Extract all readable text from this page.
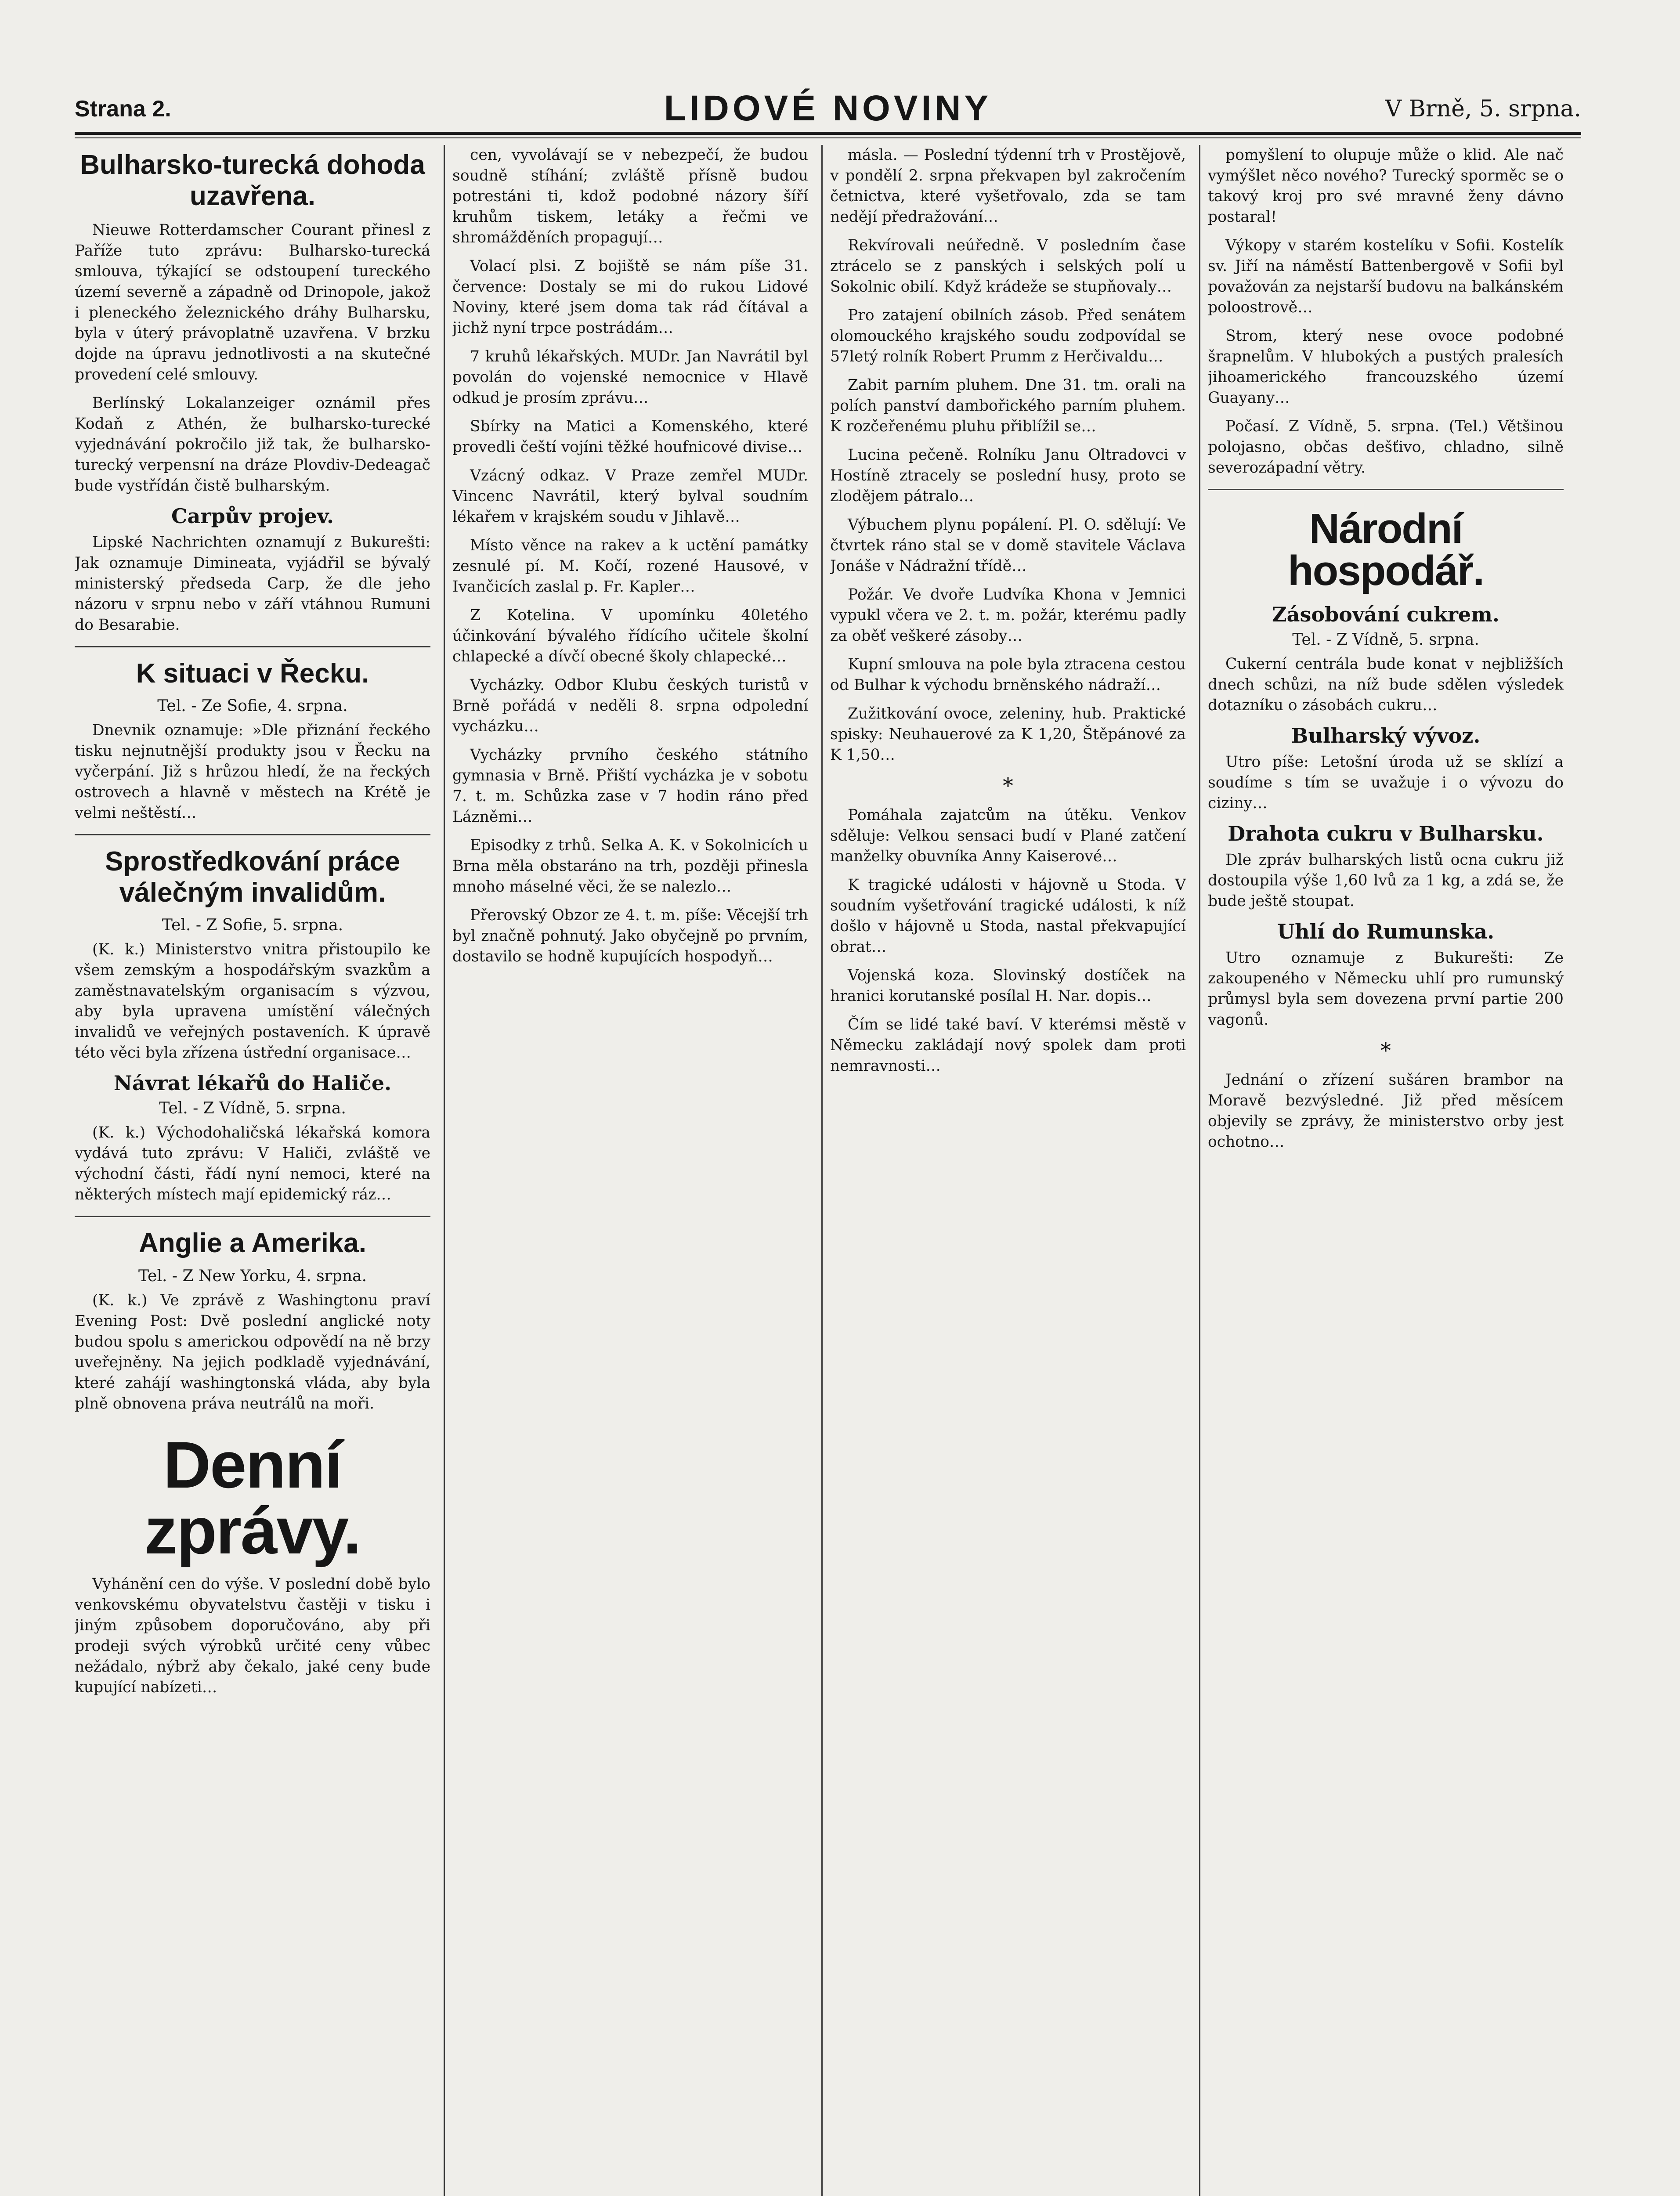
Strana 2.	LIDOVÉ NOVINY	V Brně, 5. srpna.
Bulharsko-turecká dohoda uzavřena.

Nieuwe Rotterdamscher Courant přinesl z Paříže tuto zprávu: Bulharsko-turecká smlouva, týkající se odstoupení tureckého území severně a západně od Drinopole, jakož i pleneckého železnického dráhy Bulharsku, byla v úterý právoplatně uzavřena. V brzku dojde na úpravu jednotlivosti a na skutečné provedení celé smlouvy.

Berlínský Lokalanzeiger oznámil přes Kodaň z Athén, že bulharsko-turecké vyjednávání pokročilo již tak, že bulharsko-turecký verpensní na dráze Plovdiv-Dedeagač bude vystřídán čistě bulharským.

Carpův projev.

Lipské Nachrichten oznamují z Bukurešti: Jak oznamuje Dimineata, vyjádřil se bývalý ministerský předseda Carp, že dle jeho názoru v srpnu nebo v září vtáhnou Rumuni do Besarabie.

K situaci v Řecku.
Tel. - Ze Sofie, 4. srpna.

Dnevnik oznamuje: »Dle přiznání řeckého tisku nejnutnější produkty jsou v Řecku na vyčerpání. Již s hrůzou hledí, že na řeckých ostrovech a hlavně v městech na Krétě je velmi neštěstí…

Sprostředkování práce válečným invalidům.
Tel. - Z Sofie, 5. srpna.

(K. k.) Ministerstvo vnitra přistoupilo ke všem zemským a hospodářským svazkům a zaměstnavatelským organisacím s výzvou, aby byla upravena umístění válečných invalidů ve veřejných postaveních. K úpravě této věci byla zřízena ústřední organisace…

Návrat lékařů do Haliče.
Tel. - Z Vídně, 5. srpna.

(K. k.) Východohaličská lékařská komora vydává tuto zprávu: V Haliči, zvláště ve východní části, řádí nyní nemoci, které na některých místech mají epidemický ráz…

Anglie a Amerika.
Tel. - Z New Yorku, 4. srpna.

(K. k.) Ve zprávě z Washingtonu praví Evening Post: Dvě poslední anglické noty budou spolu s americkou odpovědí na ně brzy uveřejněny. Na jejich podkladě vyjednávání, které zahájí washingtonská vláda, aby byla plně obnovena práva neutrálů na moři.

Denní zprávy.

Vyhánění cen do výše. V poslední době bylo venkovskému obyvatelstvu častěji v tisku i jiným způsobem doporučováno, aby při prodeji svých výrobků určité ceny vůbec nežádalo, nýbrž aby čekalo, jaké ceny bude kupující nabízeti…

cen, vyvolávají se v nebezpečí, že budou soudně stíhání; zvláště přísně budou potrestáni ti, kdož podobné názory šíří kruhům tiskem, letáky a řečmi ve shromážděních propagují…

Volací plsi. Z bojiště se nám píše 31. července: Dostaly se mi do rukou Lidové Noviny, které jsem doma tak rád čítával a jichž nyní trpce postrádám…

7 kruhů lékařských. MUDr. Jan Navrátil byl povolán do vojenské nemocnice v Hlavě odkud je prosím zprávu…

Sbírky na Matici a Komenského, které provedli čeští vojíni těžké houfnicové divise…

Vzácný odkaz. V Praze zemřel MUDr. Vincenc Navrátil, který bylval soudním lékařem v krajském soudu v Jihlavě…

Místo věnce na rakev a k uctění památky zesnulé pí. M. Kočí, rozené Hausové, v Ivančicích zaslal p. Fr. Kapler…

Z Kotelina. V upomínku 40letého účinkování bývalého řídícího učitele školní chlapecké a dívčí obecné školy chlapecké…

Vycházky. Odbor Klubu českých turistů v Brně pořádá v neděli 8. srpna odpolední vycházku…

Vycházky prvního českého státního gymnasia v Brně. Přiští vycházka je v sobotu 7. t. m. Schůzka zase v 7 hodin ráno před Lázněmi…

Episodky z trhů. Selka A. K. v Sokolnicích u Brna měla obstaráno na trh, později přinesla mnoho máselné věci, že se nalezlo…

Přerovský Obzor ze 4. t. m. píše: Věcejší trh byl značně pohnutý. Jako obyčejně po prvním, dostavilo se hodně kupujících hospodyň…

másla. — Poslední týdenní trh v Prostějově, v pondělí 2. srpna překvapen byl zakročením četnictva, které vyšetřovalo, zda se tam nedějí předražování…

Rekvírovali neúředně. V posledním čase ztrácelo se z panských i selských polí u Sokolnic obilí. Když krádeže se stupňovaly…

Pro zatajení obilních zásob. Před senátem olomouckého krajského soudu zodpovídal se 57letý rolník Robert Prumm z Herčivaldu…

Zabit parním pluhem. Dne 31. tm. orali na polích panství dambořického parním pluhem. K rozčeřenému pluhu přiblížil se…

Lucina pečeně. Rolníku Janu Oltradovci v Hostíně ztracely se poslední husy, proto se zlodějem pátralo…

Výbuchem plynu popálení. Pl. O. sdělují: Ve čtvrtek ráno stal se v domě stavitele Václava Jonáše v Nádražní třídě…

Požár. Ve dvoře Ludvíka Khona v Jemnici vypukl včera ve 2. t. m. požár, kterému padly za oběť veškeré zásoby…

Kupní smlouva na pole byla ztracena cestou od Bulhar k východu brněnského nádraží…

Zužitkování ovoce, zeleniny, hub. Praktické spisky: Neuhauerové za K 1,20, Štěpánové za K 1,50…

*

Pomáhala zajatcům na útěku. Venkov sděluje: Velkou sensaci budí v Plané zatčení manželky obuvníka Anny Kaiserové…

K tragické události v hájovně u Stoda. V soudním vyšetřování tragické události, k níž došlo v hájovně u Stoda, nastal překvapující obrat…

Vojenská koza. Slovinský dostíček na hranici korutanské posílal H. Nar. dopis…

Čím se lidé také baví. V kterémsi městě v Německu zakládají nový spolek dam proti nemravnosti…

pomyšlení to olupuje může o klid. Ale nač vymýšlet něco nového? Turecký sporměc se o takový kroj pro své mravné ženy dávno postaral!

Výkopy v starém kostelíku v Sofii. Kostelík sv. Jiří na náměstí Battenbergově v Sofii byl považován za nejstarší budovu na balkánském poloostrově…

Strom, který nese ovoce podobné šrapnelům. V hlubokých a pustých pralesích jihoamerického francouzského území Guayany…

Počasí. Z Vídně, 5. srpna. (Tel.) Většinou polojasno, občas dešťivo, chladno, silně severozápadní větry.

Národní hospodář.
Zásobování cukrem.
Tel. - Z Vídně, 5. srpna.

Cukerní centrála bude konat v nejbližších dnech schůzi, na níž bude sdělen výsledek dotazníku o zásobách cukru…

Bulharský vývoz.

Utro píše: Letošní úroda už se sklízí a soudíme s tím se uvažuje i o vývozu do ciziny…

Drahota cukru v Bulharsku.

Dle zpráv bulharských listů ocna cukru již dostoupila výše 1,60 lvů za 1 kg, a zdá se, že bude ještě stoupat.

Uhlí do Rumunska.

Utro oznamuje z Bukurešti: Ze zakoupeného v Německu uhlí pro rumunský průmysl byla sem dovezena první partie 200 vagonů.

*

Jednání o zřízení sušáren brambor na Moravě bezvýsledné. Již před měsícem objevily se zprávy, že ministerstvo orby jest ochotno…
